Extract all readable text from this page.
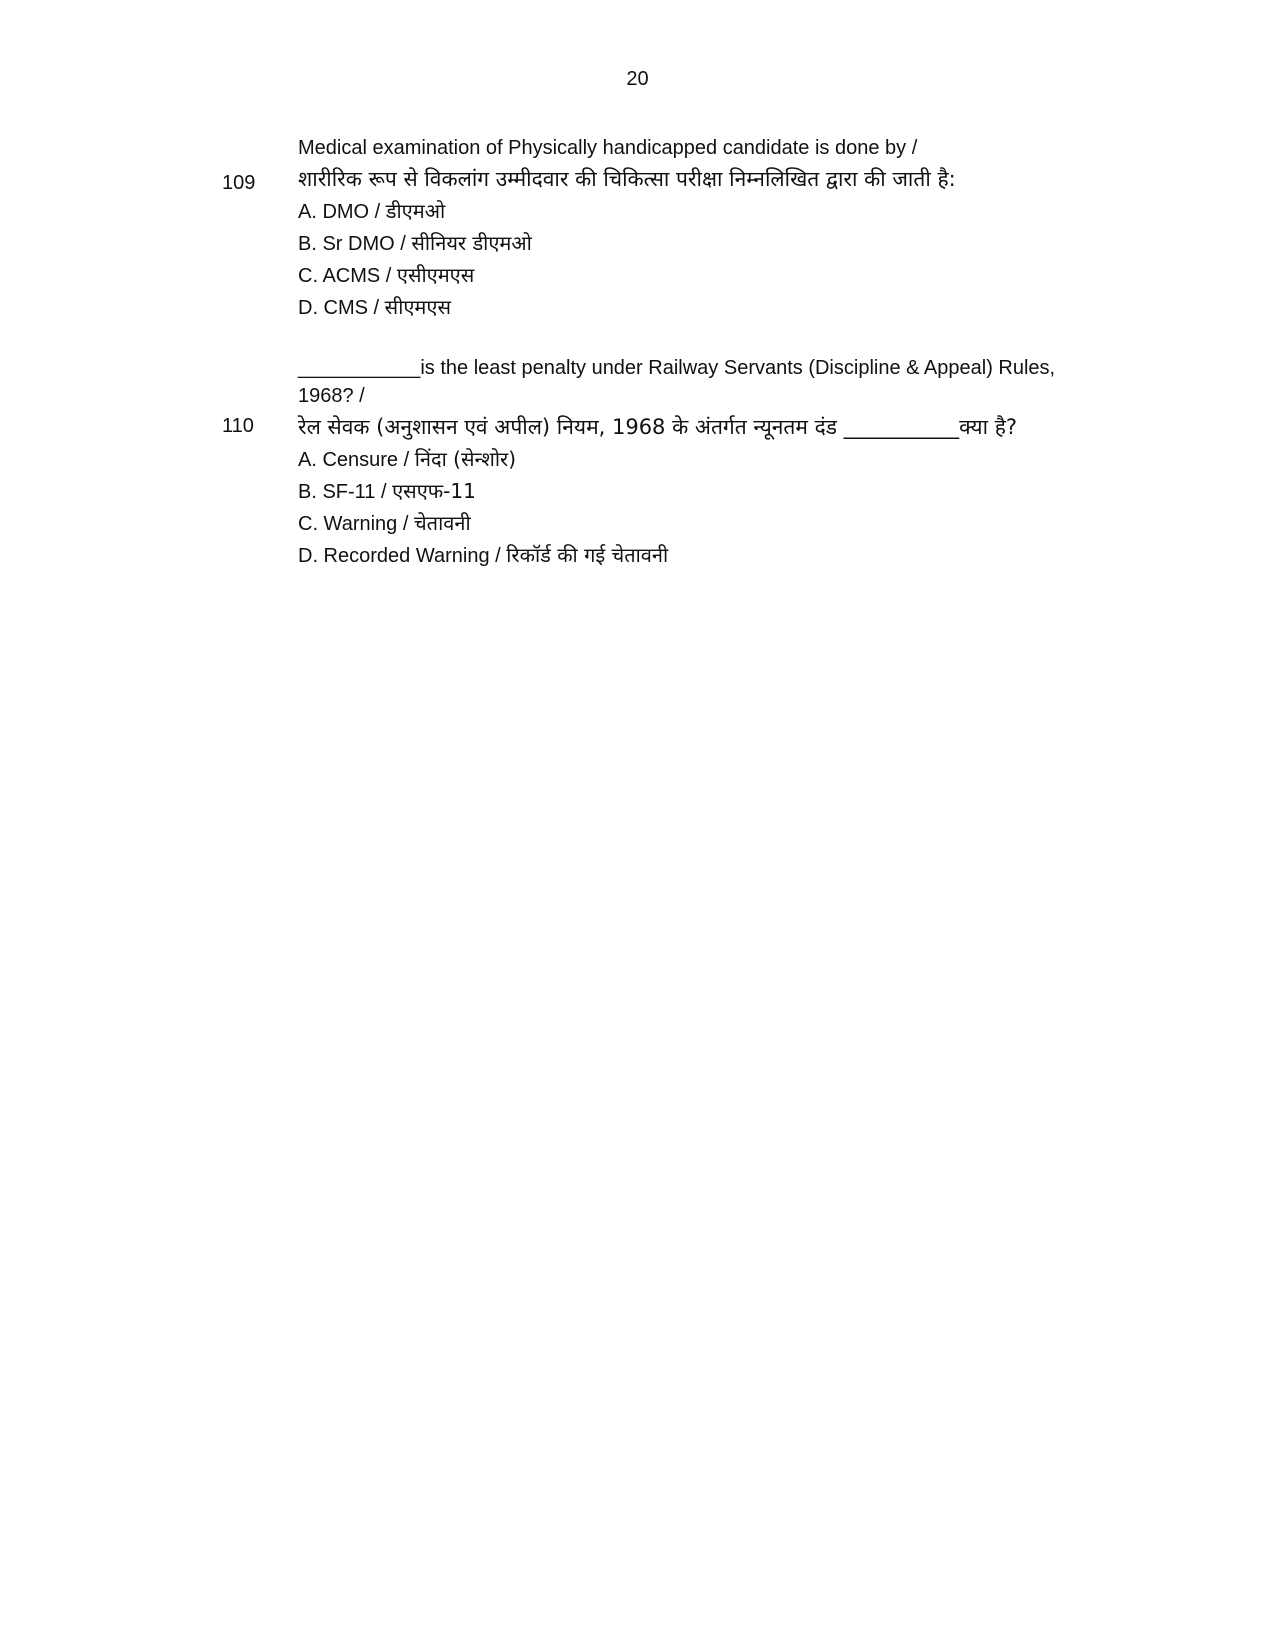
20
109
Medical examination of Physically handicapped candidate is done by /
शारीरिक रूप से विकलांग उम्मीदवार की चिकित्सा परीक्षा निम्नलिखित द्वारा की जाती है:
A. DMO / डीएमओ
B. Sr DMO / सीनियर डीएमओ
C. ACMS / एसीएमएस
D. CMS / सीएमएस
110
___________is the least penalty under Railway Servants (Discipline & Appeal) Rules,
1968? /
रेल सेवक (अनुशासन एवं अपील) नियम, 1968 के अंतर्गत न्यूनतम दंड ___________क्या है?
A. Censure / निंदा (सेन्शोर)
B. SF-11 / एसएफ-11
C. Warning / चेतावनी
D. Recorded Warning / रिकॉर्ड की गई चेतावनी
